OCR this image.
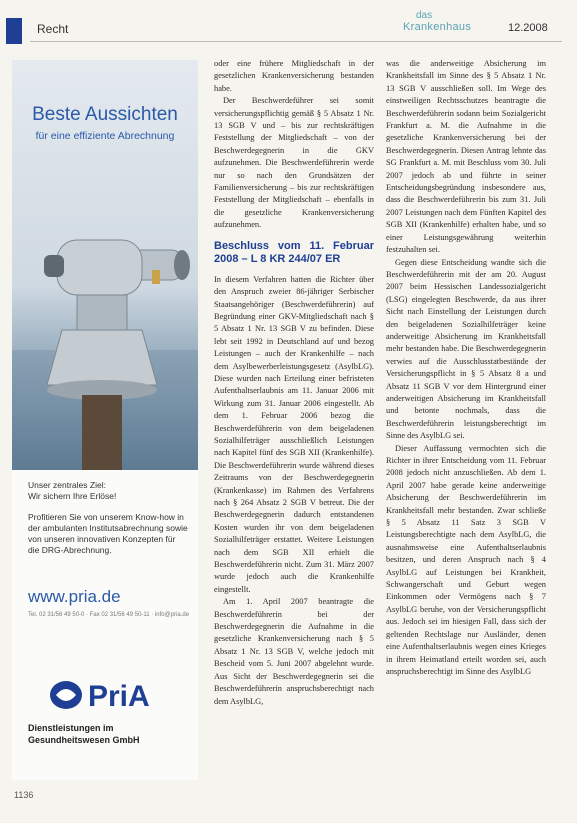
Recht
das
Krankenhaus	12.2008
Beste Aussichten
für eine effiziente Abrechnung
Unser zentrales Ziel:
Wir sichern Ihre Erlöse!
Profitieren Sie von unserem Know-how in der ambulanten Institutsabrechnung sowie von unseren innovativen Konzepten für die DRG-Abrechnung.
www.pria.de
Tel. 02 31/56 49 50-0 · Fax 02 31/56 49 50-11 · info@pria.de
PriA
Dienstleistungen im
Gesundheitswesen GmbH
1136

oder eine frühere Mitgliedschaft in der gesetzlichen Krankenversicherung bestanden habe.

Der Beschwerdeführer sei somit versicherungspflichtig gemäß § 5 Absatz 1 Nr. 13 SGB V und – bis zur rechtskräftigen Feststellung der Mitgliedschaft – von der Beschwerdegegnerin in die GKV aufzunehmen. Die Beschwerdeführerin werde nur so nach den Grundsätzen der Familienversicherung – bis zur rechtskräftigen Feststellung der Mitgliedschaft – ebenfalls in die gesetzliche Krankenversicherung aufzunehmen.

Beschluss vom 11. Februar 2008 – L 8 KR 244/07 ER

In diesem Verfahren hatten die Richter über den Anspruch zweier 86-jähriger Serbischer Staatsangehöriger (Beschwerdeführerin) auf Begründung einer GKV-Mitgliedschaft nach § 5 Absatz 1 Nr. 13 SGB V zu befinden. Diese lebt seit 1992 in Deutschland auf und bezog Leistungen – auch der Krankenhilfe – nach dem Asylbewerberleistungsgesetz (AsylbLG). Diese wurden nach Erteilung einer befristeten Aufenthaltserlaubnis am 11. Januar 2006 mit Wirkung zum 31. Januar 2006 eingestellt. Ab dem 1. Februar 2006 bezog die Beschwerdeführerin von dem beigeladenen Sozialhilfeträger ausschließlich Leistungen nach Kapitel fünf des SGB XII (Krankenhilfe). Die Beschwerdeführerin wurde während dieses Zeitraums von der Beschwerdegegnerin (Krankenkasse) im Rahmen des Verfahrens nach § 264 Absatz 2 SGB V betreut. Die der Beschwerdegegnerin dadurch entstandenen Kosten wurden ihr von dem beigeladenen Sozialhilfeträger erstattet. Weitere Leistungen nach dem SGB XII erhielt die Beschwerdeführerin nicht. Zum 31. März 2007 wurde jedoch auch die Krankenhilfe eingestellt.

Am 1. April 2007 beantragte die Beschwerdeführerin bei der Beschwerdegegnerin die Aufnahme in die gesetzliche Krankenversicherung nach § 5 Absatz 1 Nr. 13 SGB V, welche jedoch mit Bescheid vom 5. Juni 2007 abgelehnt wurde. Aus Sicht der Beschwerdegegnerin sei die Beschwerdeführerin anspruchsberechtigt nach dem AsylbLG,

was die anderweitige Absicherung im Krankheitsfall im Sinne des § 5 Absatz 1 Nr. 13 SGB V ausschließen soll. Im Wege des einstweiligen Rechtsschutzes beantragte die Beschwerdeführerin sodann beim Sozialgericht Frankfurt a. M. die Aufnahme in die gesetzliche Krankenversicherung bei der Beschwerdegegnerin. Diesen Antrag lehnte das SG Frankfurt a. M. mit Beschluss vom 30. Juli 2007 jedoch ab und führte in seiner Entscheidungsbegründung insbesondere aus, dass die Beschwerdeführerin bis zum 31. Juli 2007 Leistungen nach dem Fünften Kapitel des SGB XII (Krankenhilfe) erhalten habe, und so einer Leistungsgewährung weiterhin festzuhalten sei.

Gegen diese Entscheidung wandte sich die Beschwerdeführerin mit der am 20. August 2007 beim Hessischen Landessozialgericht (LSG) eingelegten Beschwerde, da aus ihrer Sicht nach Einstellung der Leistungen durch den beigeladenen Sozialhilfeträger keine anderweitige Absicherung im Krankheitsfall mehr bestanden habe. Die Beschwerdegegnerin verwies auf die Ausschlusstatbestände der Versicherungspflicht in § 5 Absatz 8 a und Absatz 11 SGB V vor dem Hintergrund einer anderweitigen Absicherung im Krankheitsfall und betonte nochmals, dass die Beschwerdeführerin leistungsberechtigt im Sinne des AsylbLG sei.

Dieser Auffassung vermochten sich die Richter in ihrer Entscheidung vom 11. Februar 2008 jedoch nicht anzuschließen. Ab dem 1. April 2007 habe gerade keine anderweitige Absicherung der Beschwerdeführerin im Krankheitsfall mehr bestanden. Zwar schließe § 5 Absatz 11 Satz 3 SGB V Leistungsberechtigte nach dem AsylbLG, die ausnahmsweise eine Aufenthaltserlaubnis besitzen, und deren Anspruch nach § 4 AsylbLG auf Leistungen bei Krankheit, Schwangerschaft und Geburt wegen Einkommen oder Vermögens nach § 7 AsylbLG beruhe, von der Versicherungspflicht aus. Jedoch sei im hiesigen Fall, dass sich der geltenden Rechtslage nur Ausländer, denen eine Aufenthaltserlaubnis wegen eines Krieges in ihrem Heimatland erteilt worden sei, auch anspruchsberechtigt im Sinne des AsylbLG
